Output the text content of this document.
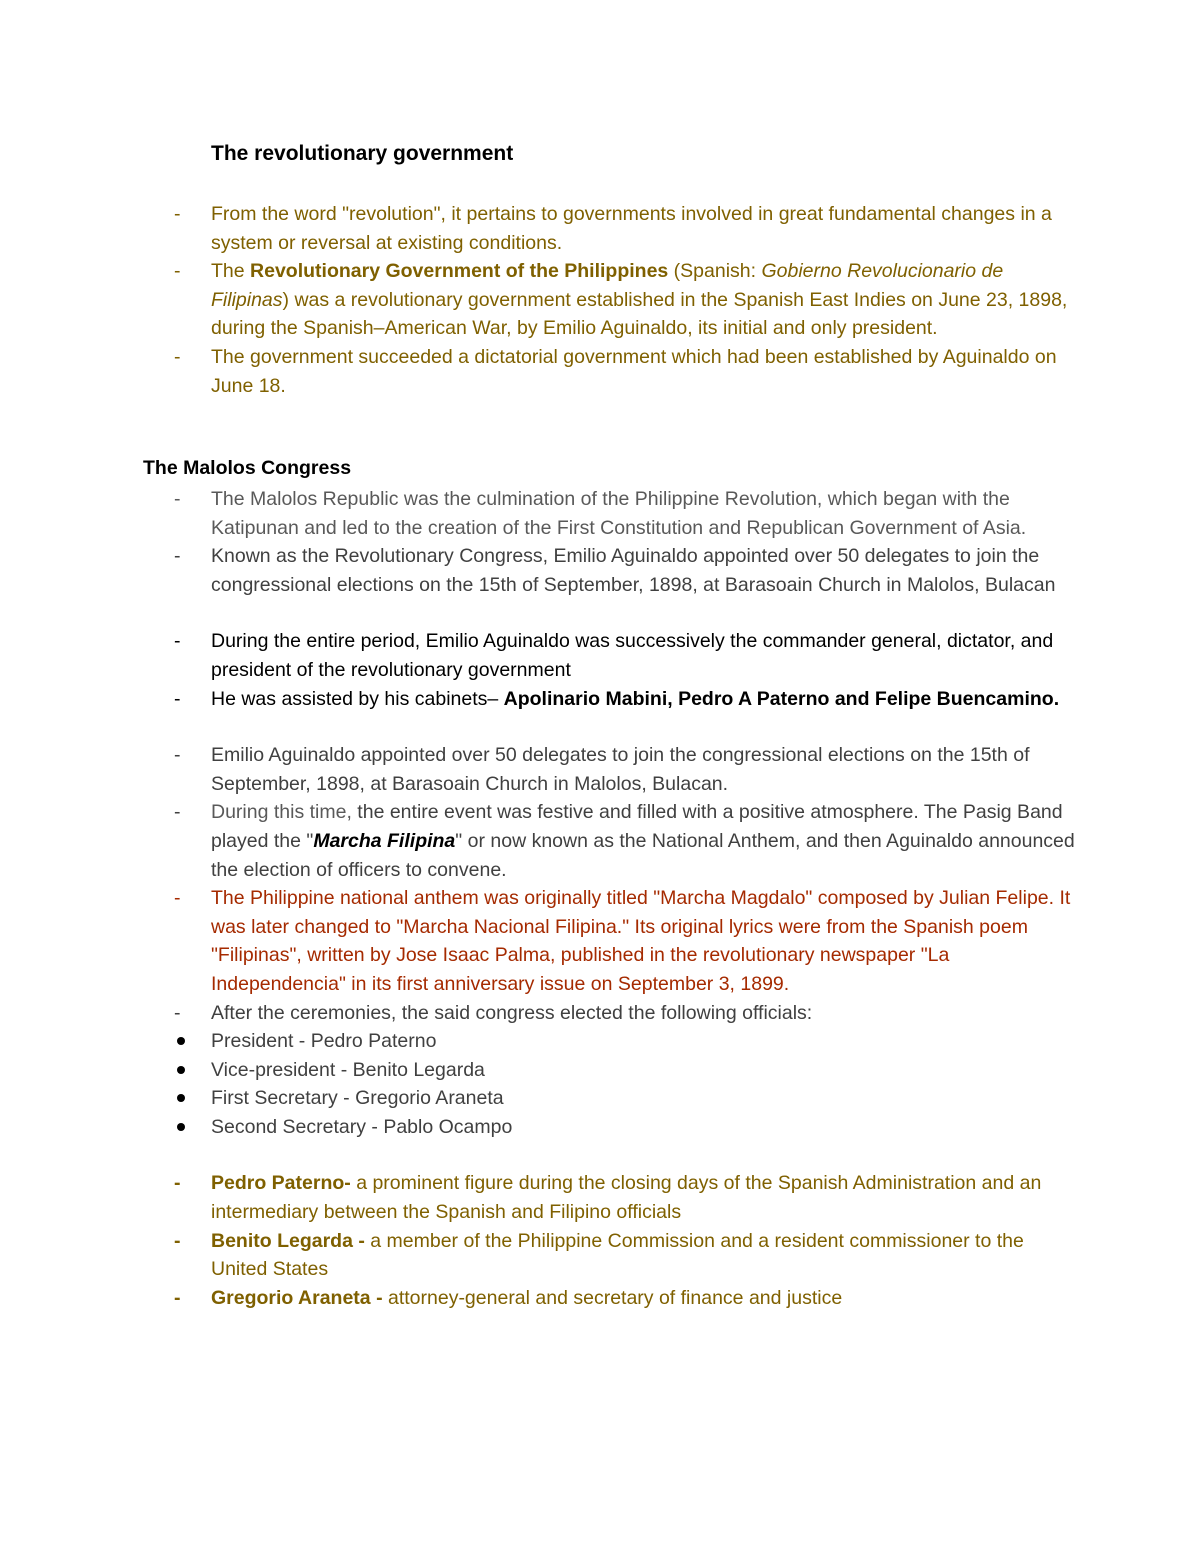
The revolutionary government
-	From the word "revolution", it pertains to governments involved in great fundamental changes in a system or reversal at existing conditions.
-	The Revolutionary Government of the Philippines (Spanish: Gobierno Revolucionario de Filipinas) was a revolutionary government established in the Spanish East Indies on June 23, 1898, during the Spanish–American War, by Emilio Aguinaldo, its initial and only president.
-	The government succeeded a dictatorial government which had been established by Aguinaldo on June 18.
The Malolos Congress
-	The Malolos Republic was the culmination of the Philippine Revolution, which began with the Katipunan and led to the creation of the First Constitution and Republican Government of Asia.
-	Known as the Revolutionary Congress, Emilio Aguinaldo appointed over 50 delegates to join the congressional elections on the 15th of September, 1898, at Barasoain Church in Malolos, Bulacan
-	During the entire period, Emilio Aguinaldo was successively the commander general, dictator, and president of the revolutionary government
-	He was assisted by his cabinets– Apolinario Mabini, Pedro A Paterno and Felipe Buencamino.
-	Emilio Aguinaldo appointed over 50 delegates to join the congressional elections on the 15th of September, 1898, at Barasoain Church in Malolos, Bulacan.
-	During this time, the entire event was festive and filled with a positive atmosphere. The Pasig Band played the "Marcha Filipina" or now known as the National Anthem, and then Aguinaldo announced the election of officers to convene.
-	The Philippine national anthem was originally titled "Marcha Magdalo" composed by Julian Felipe. It was later changed to "Marcha Nacional Filipina." Its original lyrics were from the Spanish poem "Filipinas", written by Jose Isaac Palma, published in the revolutionary newspaper "La Independencia" in its first anniversary issue on September 3, 1899.
-	After the ceremonies, the said congress elected the following officials:
President - Pedro Paterno
Vice-president - Benito Legarda
First Secretary - Gregorio Araneta
Second Secretary - Pablo Ocampo
-	Pedro Paterno- a prominent figure during the closing days of the Spanish Administration and an intermediary between the Spanish and Filipino officials
-	Benito Legarda - a member of the Philippine Commission and a resident commissioner to the United States
-	Gregorio Araneta - attorney-general and secretary of finance and justice
